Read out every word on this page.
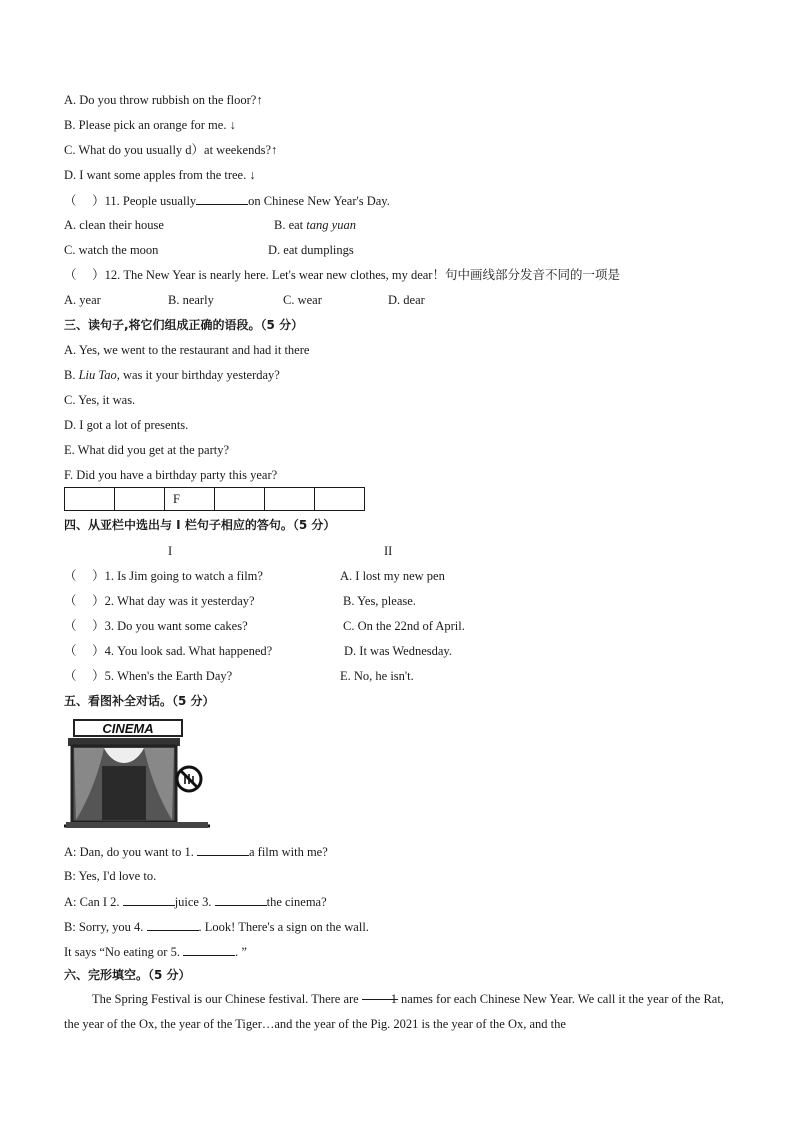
A. Do you throw rubbish on the floor?↑
B. Please pick an orange for me. ↓
C. What do you usually d）at weekends?↑
D. I want some apples from the tree. ↓
（　 ）11. People usually	on Chinese New Year's Day.
A. clean their house	B. eat tang yuan
C. watch the moon	D. eat dumplings
（　 ）12. The New Year is nearly here. Let's wear new clothes, my dear！句中画线部分发音不同的一项是
A. year	B. nearly	C. wear	D. dear
三、读句子,将它们组成正确的语段。（5 分）
A. Yes, we went to the restaurant and had it there
B. Liu Tao, was it your birthday yesterday?
C. Yes, it was.
D. I got a lot of presents.
E. What did you get at the party?
F. Did you have a birthday party this year?
		F			
四、从亚栏中选出与 I 栏句子相应的答句。（5 分）
I	II
（　 ）1. Is Jim going to watch a film?	A. I lost my new pen
（　 ）2. What day was it yesterday?	B. Yes, please.
（　 ）3. Do you want some cakes?	C. On the 22nd of April.
（　 ）4. You look sad. What happened?	D. It was Wednesday.
（　 ）5. When's the Earth Day?	E. No, he isn't.
五、看图补全对话。（5 分）
CINEMA
A: Dan, do you want to 1.	a film with me?
B: Yes, I'd love to.
A: Can I 2.	juice 3.	the cinema?
B: Sorry, you 4.	. Look! There's a sign on the wall.
It says “No eating or 5.	. ”
六、完形填空。（5 分）
The Spring Festival is our Chinese festival. There are 1 names for each Chinese New Year. We call it the year of the Rat, the year of the Ox, the year of the Tiger…and the year of the Pig. 2021 is the year of the Ox, and the
